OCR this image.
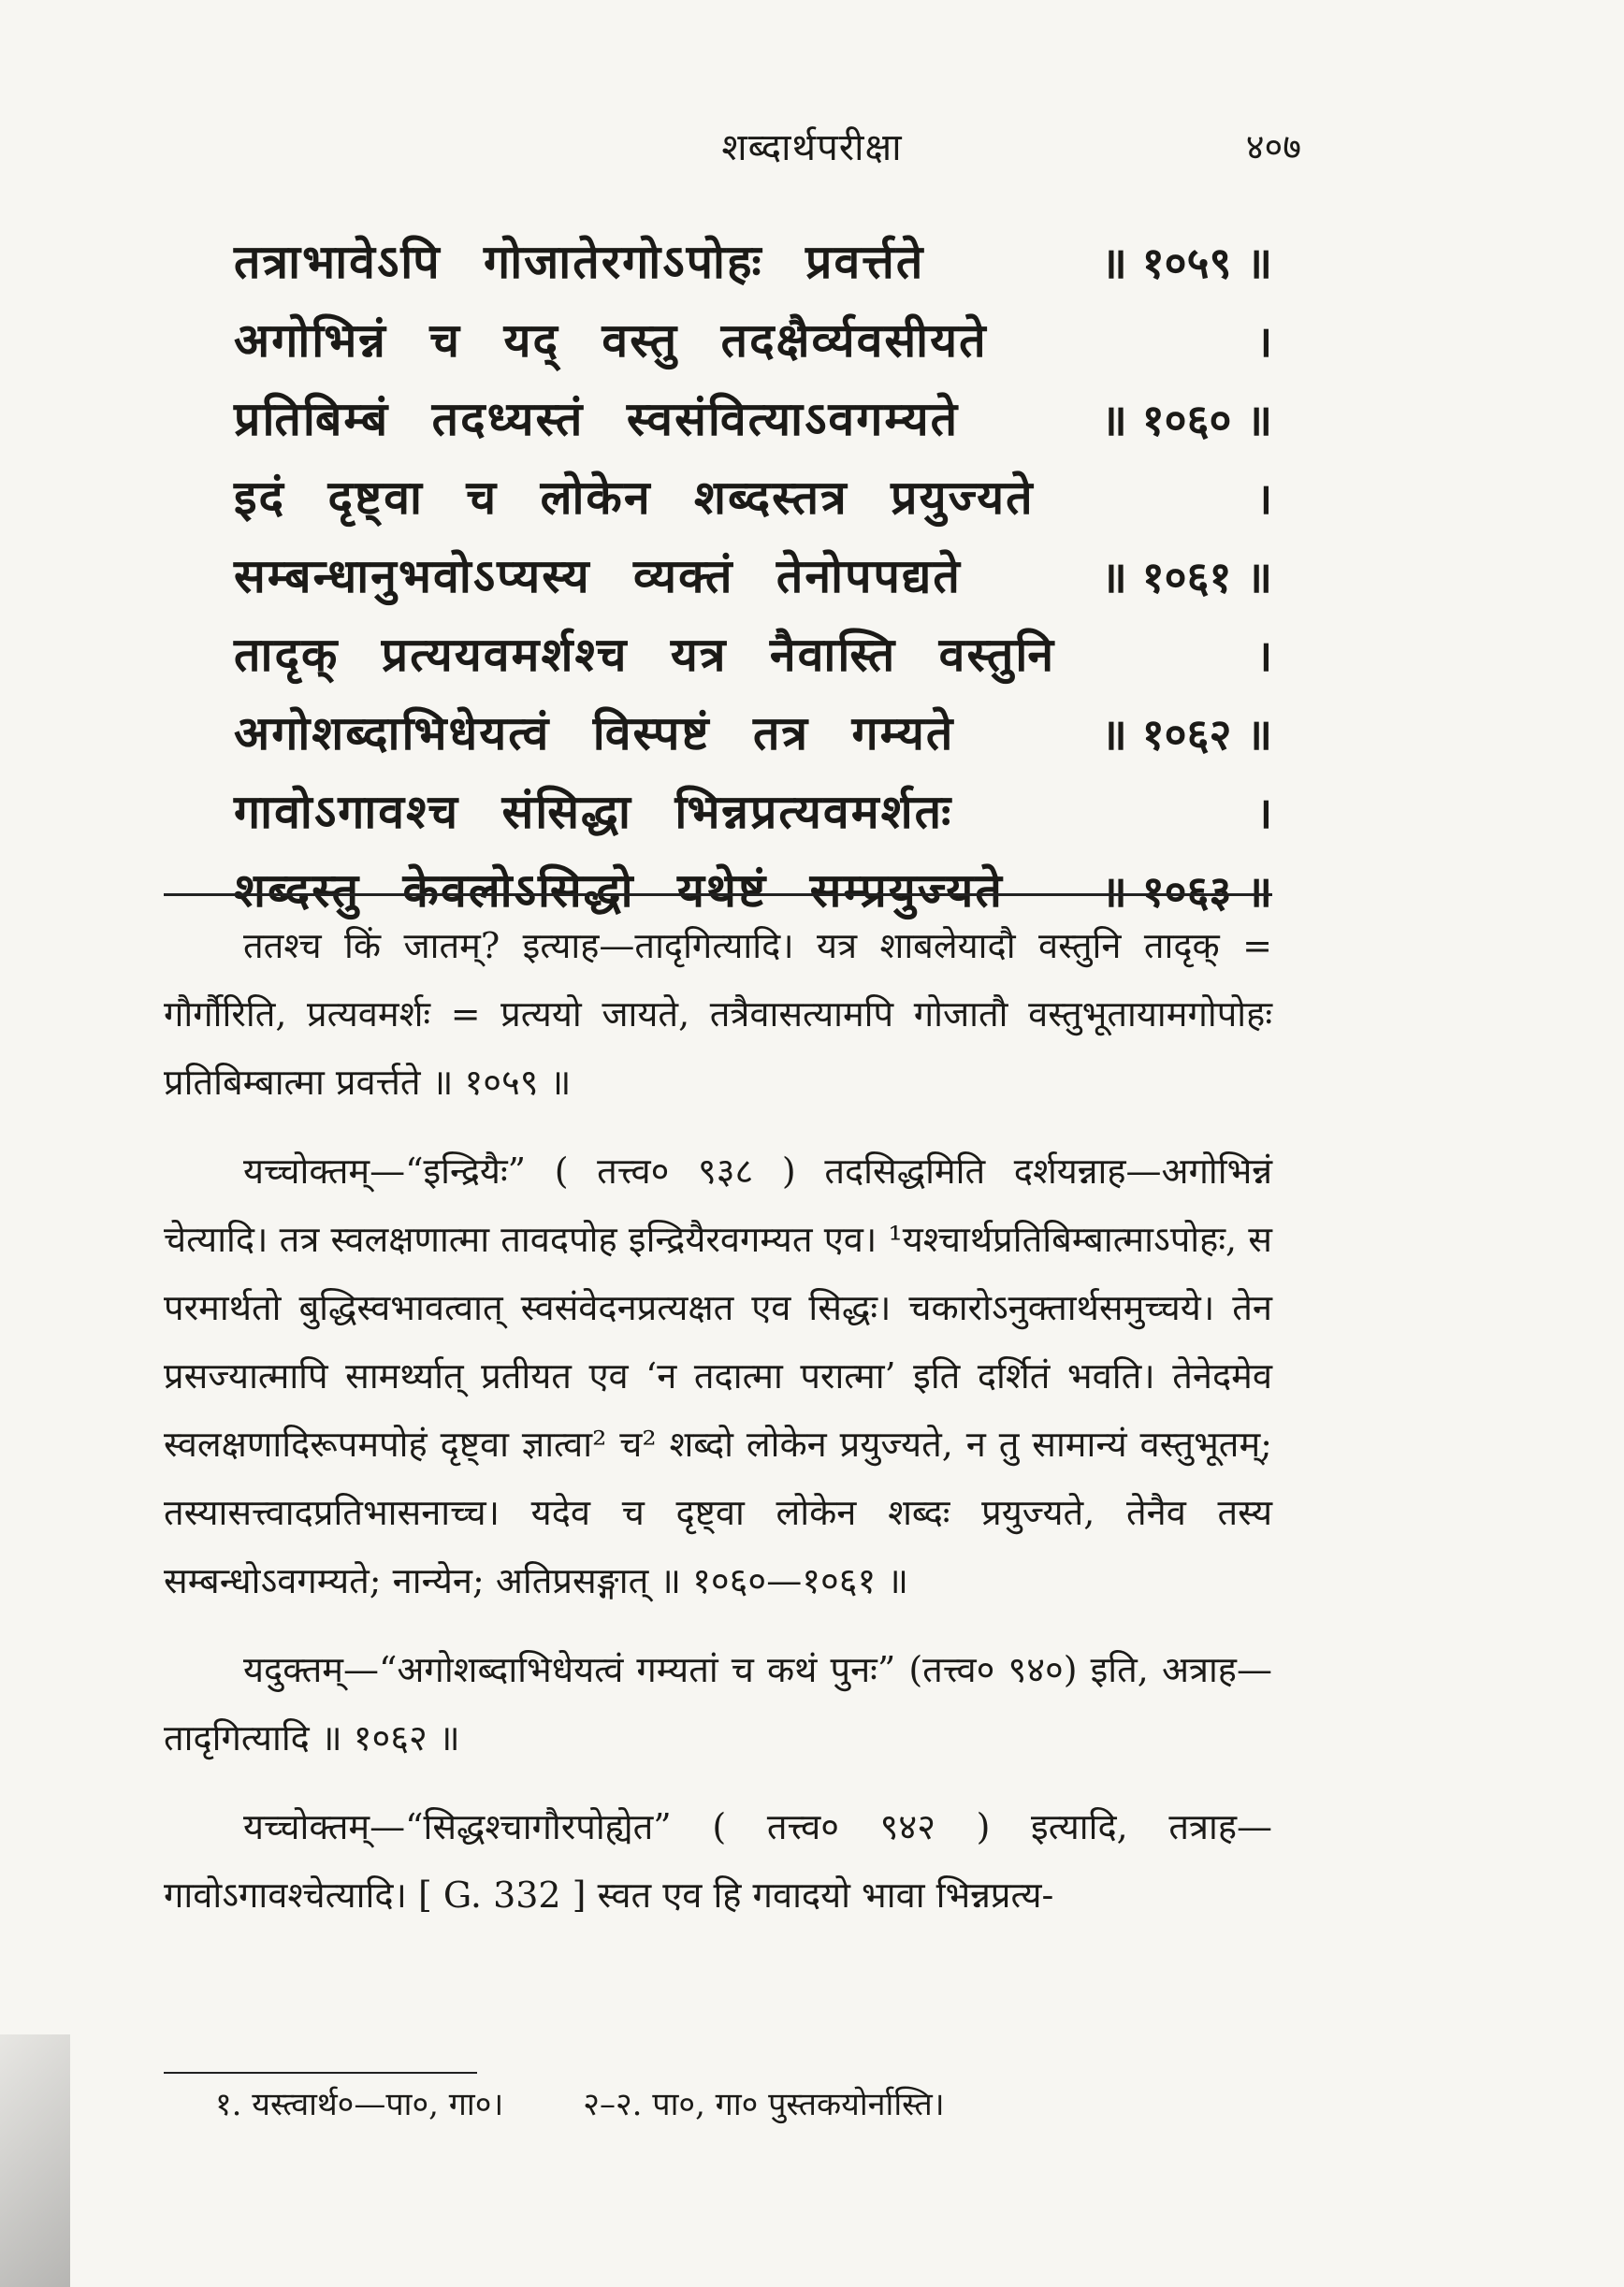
शब्दार्थपरीक्षा	४०७
तत्राभावेऽपि गोजातेरगोऽपोहः प्रवर्त्तते	॥ १०५९ ॥
अगोभिन्नं च यद् वस्तु तदक्षैर्व्यवसीयते	।
प्रतिबिम्बं तदध्यस्तं स्वसंवित्याऽवगम्यते	॥ १०६० ॥
इदं दृष्ट्वा च लोकेन शब्दस्तत्र प्रयुज्यते	।
सम्बन्धानुभवोऽप्यस्य व्यक्तं तेनोपपद्यते	॥ १०६१ ॥
तादृक् प्रत्ययवमर्शश्च यत्र नैवास्ति वस्तुनि	।
अगोशब्दाभिधेयत्वं विस्पष्टं तत्र गम्यते	॥ १०६२ ॥
गावोऽगावश्च संसिद्धा भिन्नप्रत्यवमर्शतः	।
शब्दस्तु केवलोऽसिद्धो यथेष्टं सम्प्रयुज्यते	॥ १०६३ ॥

ततश्च किं जातम्? इत्याह—तादृगित्यादि। यत्र शाबलेयादौ वस्तुनि तादृक् = गौर्गौरिति, प्रत्यवमर्शः = प्रत्ययो जायते, तत्रैवासत्यामपि गोजातौ वस्तुभूतायामगोपोहः प्रतिबिम्बात्मा प्रवर्त्तते ॥ १०५९ ॥

यच्चोक्तम्—“इन्द्रियैः” ( तत्त्व० ९३८ ) तदसिद्धमिति दर्शयन्नाह—अगोभिन्नं चेत्यादि। तत्र स्वलक्षणात्मा तावदपोह इन्द्रियैरवगम्यत एव। ¹यश्चार्थप्रतिबिम्बात्माऽपोहः, स परमार्थतो बुद्धिस्वभावत्वात् स्वसंवेदनप्रत्यक्षत एव सिद्धः। चकारोऽनुक्तार्थसमुच्चये। तेन प्रसज्यात्मापि सामर्थ्यात् प्रतीयत एव ‘न तदात्मा परात्मा’ इति दर्शितं भवति। तेनेदमेव स्वलक्षणादिरूपमपोहं दृष्ट्वा ज्ञात्वा² च² शब्दो लोकेन प्रयुज्यते, न तु सामान्यं वस्तुभूतम्; तस्यासत्त्वादप्रतिभासनाच्च। यदेव च दृष्ट्वा लोकेन शब्दः प्रयुज्यते, तेनैव तस्य सम्बन्धोऽवगम्यते; नान्येन; अतिप्रसङ्गात् ॥ १०६०—१०६१ ॥

यदुक्तम्—“अगोशब्दाभिधेयत्वं गम्यतां च कथं पुनः” (तत्त्व० ९४०) इति, अत्राह—तादृगित्यादि ॥ १०६२ ॥

यच्चोक्तम्—“सिद्धश्चागौरपोह्येत” ( तत्त्व० ९४२ ) इत्यादि, तत्राह—गावोऽगावश्चेत्यादि। [ G. 332 ] स्वत एव हि गवादयो भावा भिन्नप्रत्य-

१. यस्त्वार्थ०—पा०, गा०।	२–२. पा०, गा० पुस्तकयोर्नास्ति।
